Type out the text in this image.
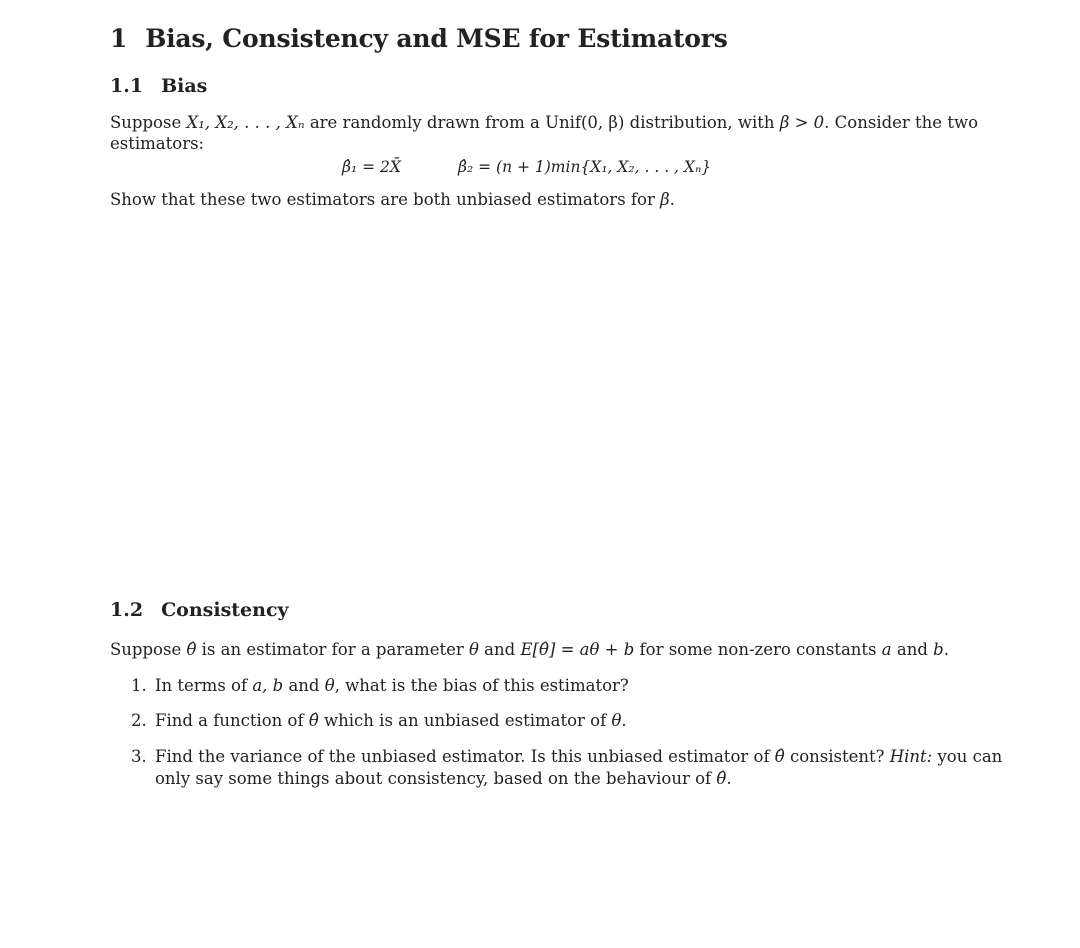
1 Bias, Consistency and MSE for Estimators
1.1 Bias
Suppose X₁, X₂, . . . , Xₙ are randomly drawn from a Unif(0, β) distribution, with β > 0. Consider the two
estimators:
β̂₁ = 2X̄	β̂₂ = (n + 1)min{X₁, X₂, . . . , Xₙ}
Show that these two estimators are both unbiased estimators for β.
1.2 Consistency
Suppose θ̂ is an estimator for a parameter θ and E[θ̂] = aθ + b for some non-zero constants a and b.
1. In terms of a, b and θ, what is the bias of this estimator?
2. Find a function of θ̂ which is an unbiased estimator of θ.
3. Find the variance of the unbiased estimator. Is this unbiased estimator of θ̂ consistent? Hint: you can
only say some things about consistency, based on the behaviour of θ̂.
